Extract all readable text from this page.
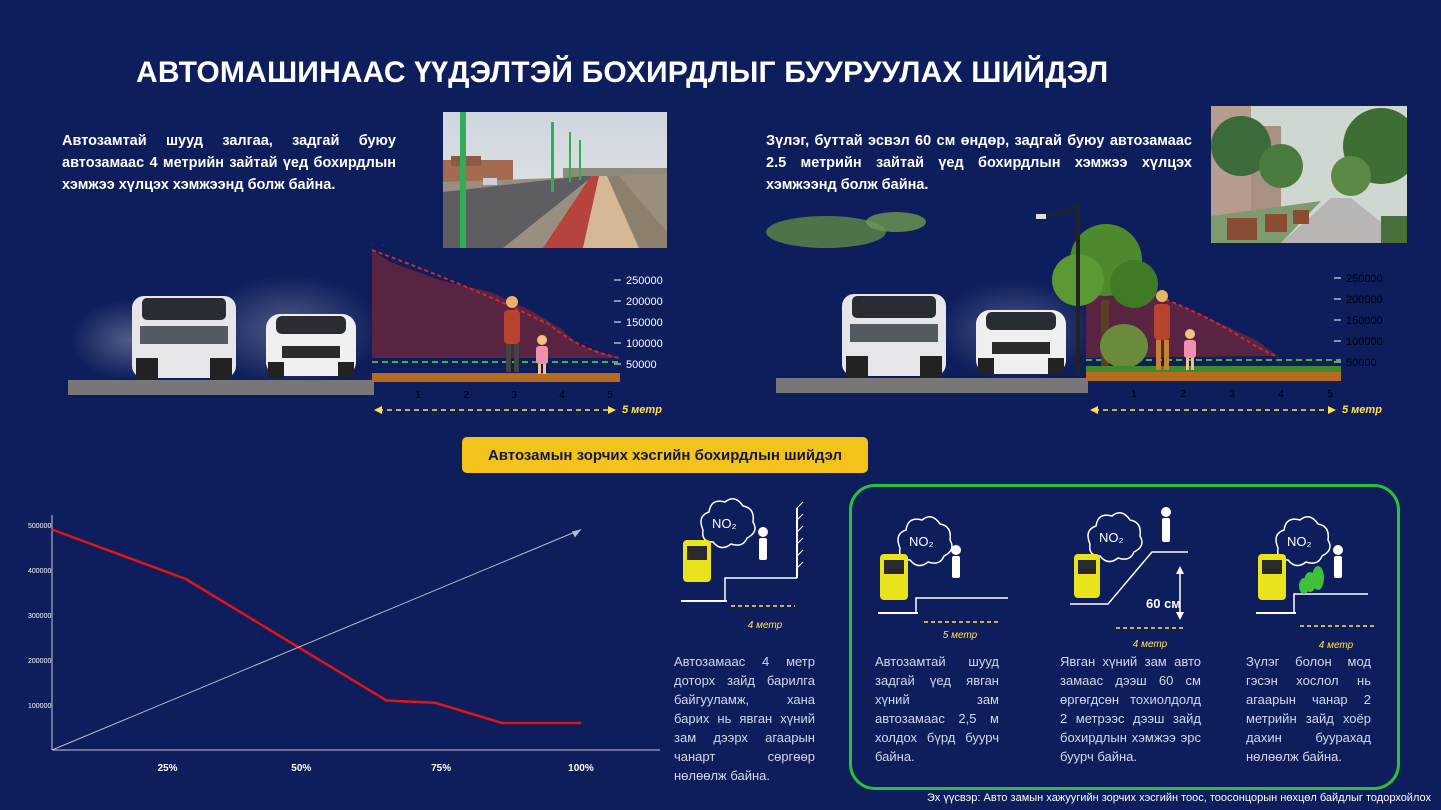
АВТОМАШИНААС ҮҮДЭЛТЭЙ БОХИРДЛЫГ БУУРУУЛАХ ШИЙДЭЛ
Автозамтай шууд залгаа, задгай буюу автозамаас 4 метрийн зайтай үед бохирдлын хэмжээ хүлцэх хэмжээнд болж байна.
250000
200000
150000
100000
50000
1	2	3	4	5
5 метр
Зүлэг, буттай эсвэл 60 см өндөр, задгай буюу автозамаас 2.5 метрийн зайтай үед бохирдлын хэмжээ хүлцэх хэмжээнд болж байна.
250000
200000
150000
100000
50000
1	2	3	4	5
5 метр
Автозамын зорчих хэсгийн бохирдлын шийдэл
500000
400000
300000
200000
100000
25%	50%	75%	100%
NO₂
4 метр
Автозамаас 4 метр доторх зайд барилга байгууламж, хана барих нь явган хүний зам дээрх агаарын чанарт сөргөөр нөлөөлж байна.
NO₂
5 метр
Автозамтай шууд задгай үед явган хүний зам автозамаас 2,5 м холдох бүрд буурч байна.
NO₂
60 см
4 метр
Явган хүний зам авто замаас дээш 60 см өргөгдсөн тохиолдолд 2 метрээс дээш зайд бохирдлын хэмжээ эрс буурч байна.
NO₂
4 метр
Зүлэг болон мод гэсэн хослол нь агаарын чанар 2 метрийн зайд хоёр дахин буурахад нөлөөлж байна.
Эх үүсвэр: Авто замын хажуугийн зорчих хэсгийн тоос, тоосонцорын нөхцөл байдлыг тодорхойлох
